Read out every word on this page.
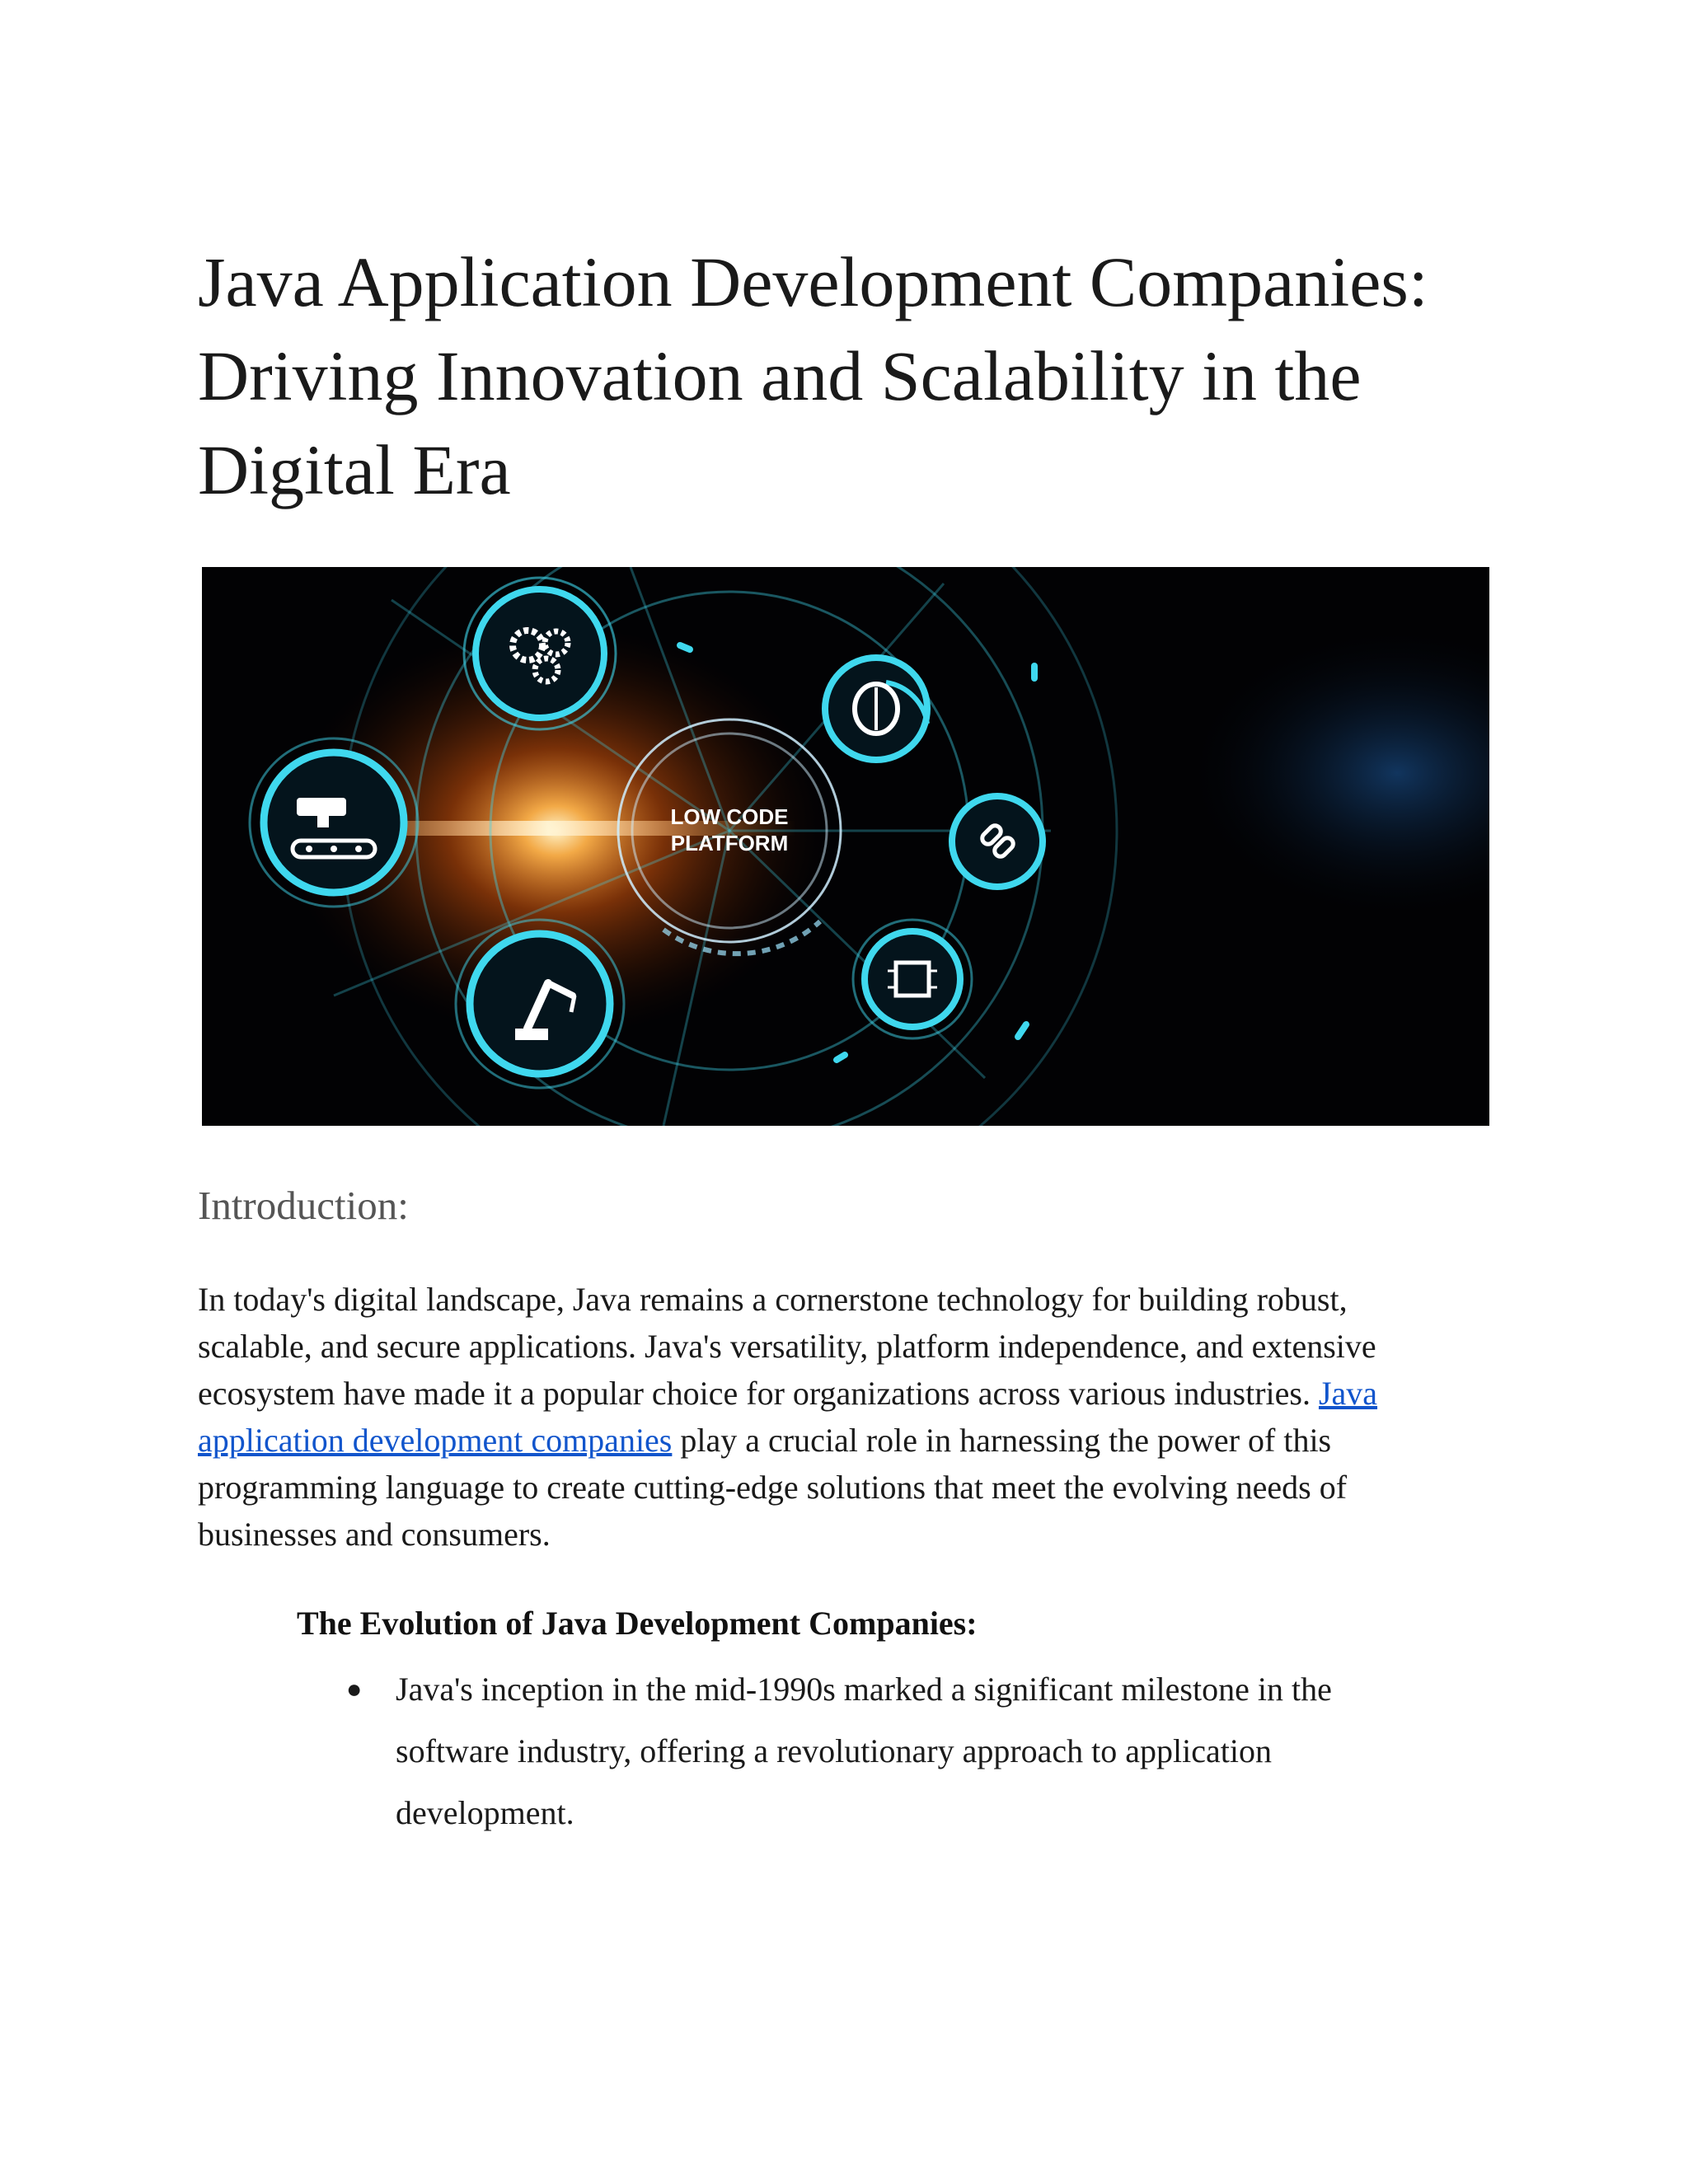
Java Application Development Companies:
Driving Innovation and Scalability in the
Digital Era
LOW CODE
PLATFORM
Introduction:

In today's digital landscape, Java remains a cornerstone technology for building robust,
scalable, and secure applications. Java's versatility, platform independence, and extensive
ecosystem have made it a popular choice for organizations across various industries. Java
application development companies play a crucial role in harnessing the power of this
programming language to create cutting-edge solutions that meet the evolving needs of
businesses and consumers.

The Evolution of Java Development Companies:
● Java's inception in the mid-1990s marked a significant milestone in the
software industry, offering a revolutionary approach to application
development.
